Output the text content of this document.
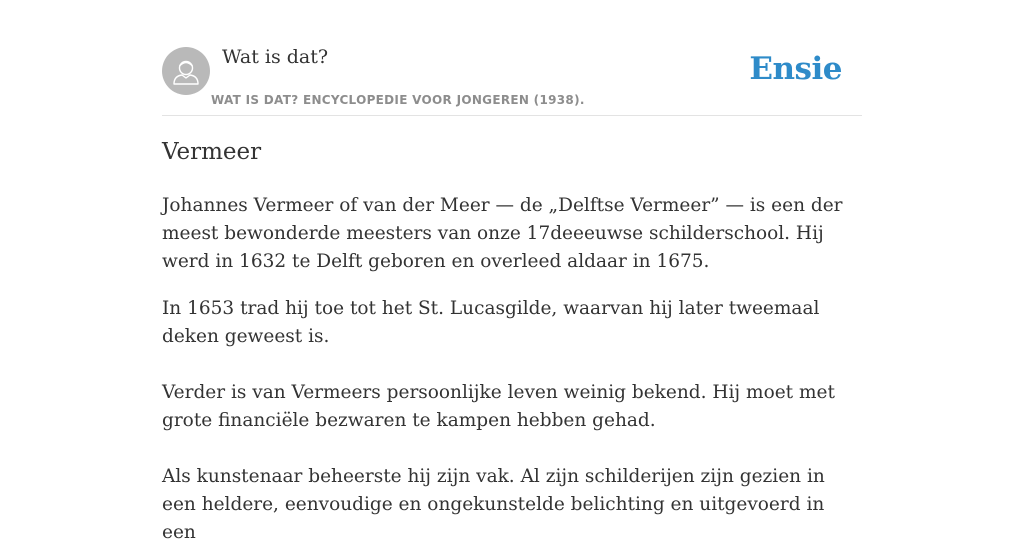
Wat is dat?
WAT IS DAT? ENCYCLOPEDIE VOOR JONGEREN (1938).
Ensie
Vermeer

Johannes Vermeer of van der Meer — de „Delftse Vermeer” — is een der meest bewonderde meesters van onze 17deeeuwse schilderschool. Hij werd in 1632 te Delft geboren en overleed aldaar in 1675.

In 1653 trad hij toe tot het St. Lucasgilde, waarvan hij later tweemaal deken geweest is.

Verder is van Vermeers persoonlijke leven weinig bekend. Hij moet met grote financiële bezwaren te kampen hebben gehad.

Als kunstenaar beheerste hij zijn vak. Al zijn schilderijen zijn gezien in een heldere, eenvoudige en ongekunstelde belichting en uitgevoerd in een
